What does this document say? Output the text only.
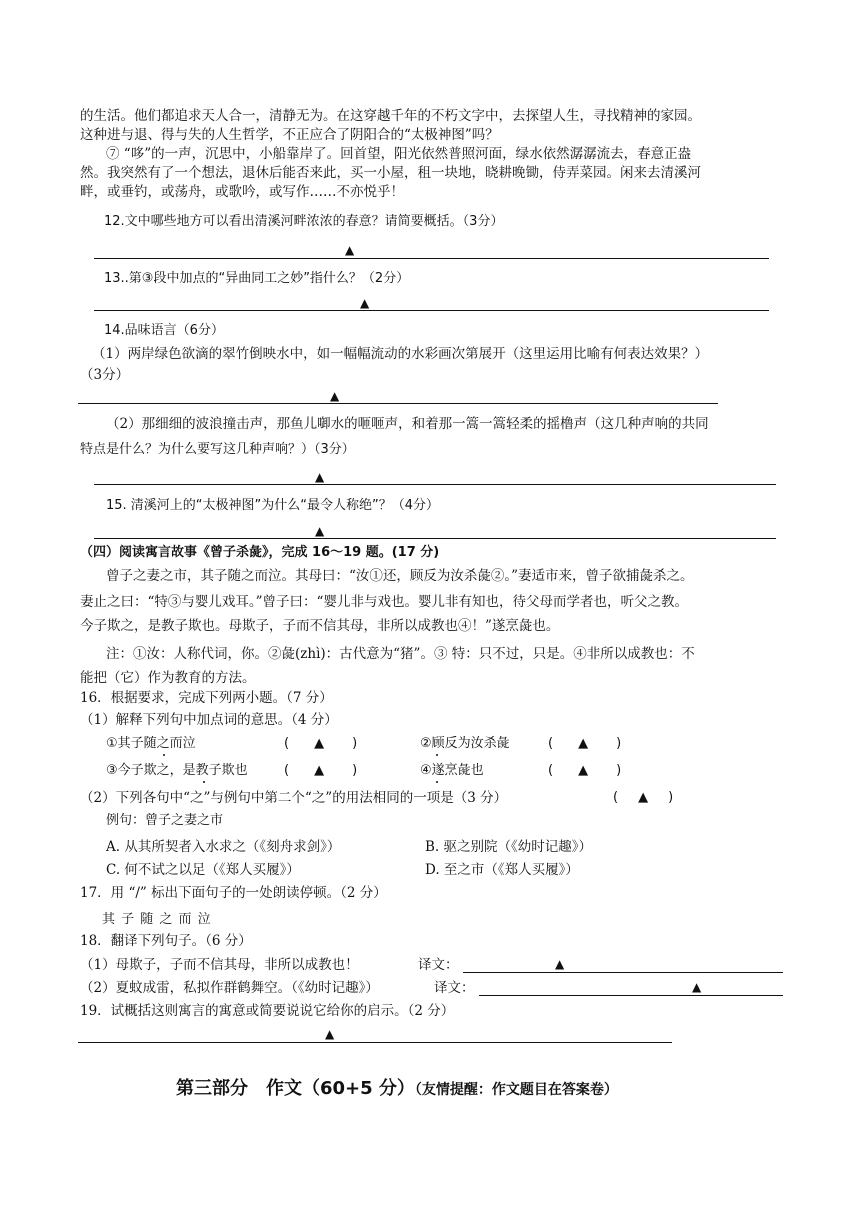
的生活。他们都追求天人合一，清静无为。在这穿越千年的不朽文字中，去探望人生，寻找精神的家园。
这种进与退、得与失的人生哲学，不正应合了阴阳合的“太极神图”吗？
⑦ “哆”的一声，沉思中，小船靠岸了。回首望，阳光依然普照河面，绿水依然潺潺流去，春意正盎
然。我突然有了一个想法，退休后能否来此，买一小屋，租一块地，晓耕晚锄，侍弄菜园。闲来去清溪河
畔，或垂钓，或荡舟，或歌吟，或写作……不亦悦乎！
12.文中哪些地方可以看出清溪河畔浓浓的春意？请简要概括。（3分）
▲
13..第③段中加点的“异曲同工之妙”指什么？（2分）
▲
14.品味语言（6分）
（1）两岸绿色欲滴的翠竹倒映水中，如一幅幅流动的水彩画次第展开（这里运用比喻有何表达效果？）
（3分）
▲
（2）那细细的波浪撞击声，那鱼儿啣水的咂咂声，和着那一篙一篙轻柔的摇橹声（这几种声响的共同
特点是什么？为什么要写这几种声响？）（3分）
▲
15. 清溪河上的“太极神图”为什么“最令人称绝”？（4分）
▲
（四）阅读寓言故事《曾子杀彘》，完成 16～19 题。(17 分)
曾子之妻之市，其子随之而泣。其母曰：“汝①还，顾反为汝杀彘②。”妻适市来，曾子欲捕彘杀之。
妻止之曰：“特③与婴儿戏耳。”曾子曰：“婴儿非与戏也。婴儿非有知也，待父母而学者也，听父之教。
今子欺之，是教子欺也。母欺子，子而不信其母，非所以成教也④！”遂烹彘也。
注：①汝：人称代词，你。②彘(zhì)：古代意为“猪”。③ 特：只不过，只是。④非所以成教也：不
能把（它）作为教育的方法。
16．根据要求，完成下列两小题。（7 分）
（1）解释下列句中加点词的意思。（4 分）
①其子随之而泣	( ▲ )	②顾反为汝杀彘	( ▲ )
③今子欺之，是教子欺也	( ▲ )	④遂烹彘也	( ▲ )
（2）下列各句中“之”与例句中第二个“之”的用法相同的一项是（3 分）	( ▲ )
例句：曾子之妻之市
A. 从其所契者入水求之（《刻舟求剑》）	B. 驱之别院（《幼时记趣》）
C. 何不试之以足（《郑人买履》）	D. 至之市（《郑人买履》）
17．用 “/” 标出下面句子的一处朗读停顿。（2 分）
其 子 随 之 而 泣
18．翻译下列句子。（6 分）
（1）母欺子，子而不信其母，非所以成教也！	译文：	▲
（2）夏蚊成雷，私拟作群鹤舞空。（《幼时记趣》）	译文：	▲
19．试概括这则寓言的寓意或简要说说它给你的启示。（2 分）
▲
第三部分　作文（60+5 分）（友情提醒：作文题目在答案卷）
